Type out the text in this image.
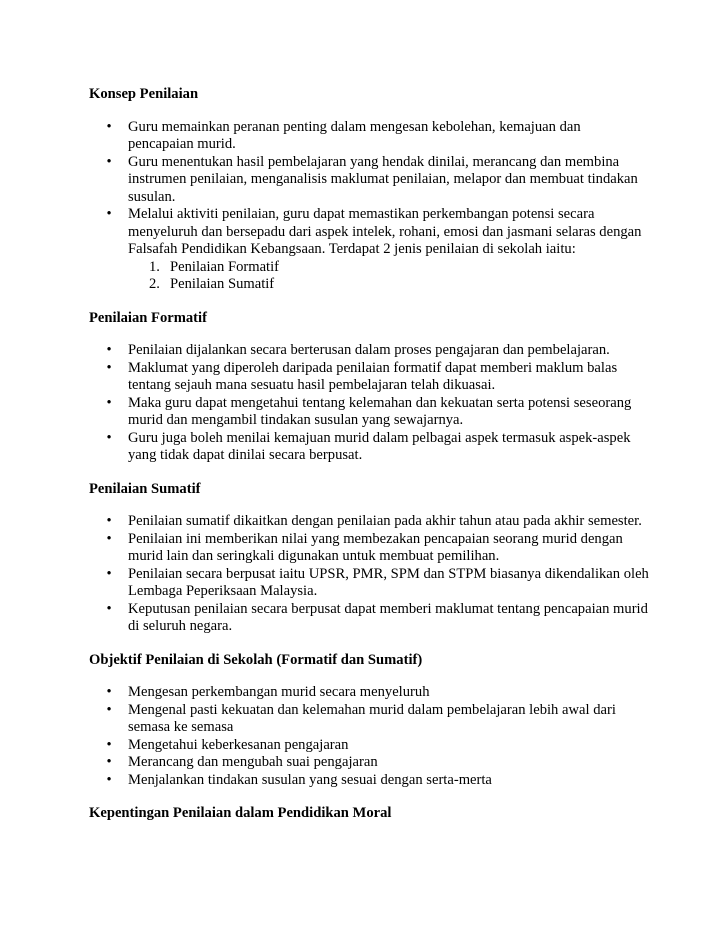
Konsep Penilaian
•	Guru memainkan peranan penting dalam mengesan kebolehan, kemajuan dan pencapaian murid.
•	Guru menentukan hasil pembelajaran yang hendak dinilai, merancang dan membina instrumen penilaian, menganalisis maklumat penilaian, melapor dan membuat tindakan susulan.
•	Melalui aktiviti penilaian, guru dapat memastikan perkembangan potensi secara menyeluruh dan bersepadu dari aspek intelek, rohani, emosi dan jasmani selaras dengan Falsafah Pendidikan Kebangsaan. Terdapat 2 jenis penilaian di sekolah iaitu:
1. Penilaian Formatif
2. Penilaian Sumatif
Penilaian Formatif
•	Penilaian dijalankan secara berterusan dalam proses pengajaran dan pembelajaran.
•	Maklumat yang diperoleh daripada penilaian formatif dapat memberi maklum balas tentang sejauh mana sesuatu hasil pembelajaran telah dikuasai.
•	Maka guru dapat mengetahui tentang kelemahan dan kekuatan serta potensi seseorang murid dan mengambil tindakan susulan yang sewajarnya.
•	Guru juga boleh menilai kemajuan murid dalam pelbagai aspek termasuk aspek-aspek yang tidak dapat dinilai secara berpusat.
Penilaian Sumatif
•	Penilaian sumatif dikaitkan dengan penilaian pada akhir tahun atau pada akhir semester.
•	Penilaian ini memberikan nilai yang membezakan pencapaian seorang murid dengan murid lain dan seringkali digunakan untuk membuat pemilihan.
•	Penilaian secara berpusat iaitu UPSR, PMR, SPM dan STPM biasanya dikendalikan oleh Lembaga Peperiksaan Malaysia.
•	Keputusan penilaian secara berpusat dapat memberi maklumat tentang pencapaian murid di seluruh negara.
Objektif Penilaian di Sekolah (Formatif dan Sumatif)
•	Mengesan perkembangan murid secara menyeluruh
•	Mengenal pasti kekuatan dan kelemahan murid dalam pembelajaran lebih awal dari semasa ke semasa
•	Mengetahui keberkesanan pengajaran
•	Merancang dan mengubah suai pengajaran
•	Menjalankan tindakan susulan yang sesuai dengan serta-merta
Kepentingan Penilaian dalam Pendidikan Moral
